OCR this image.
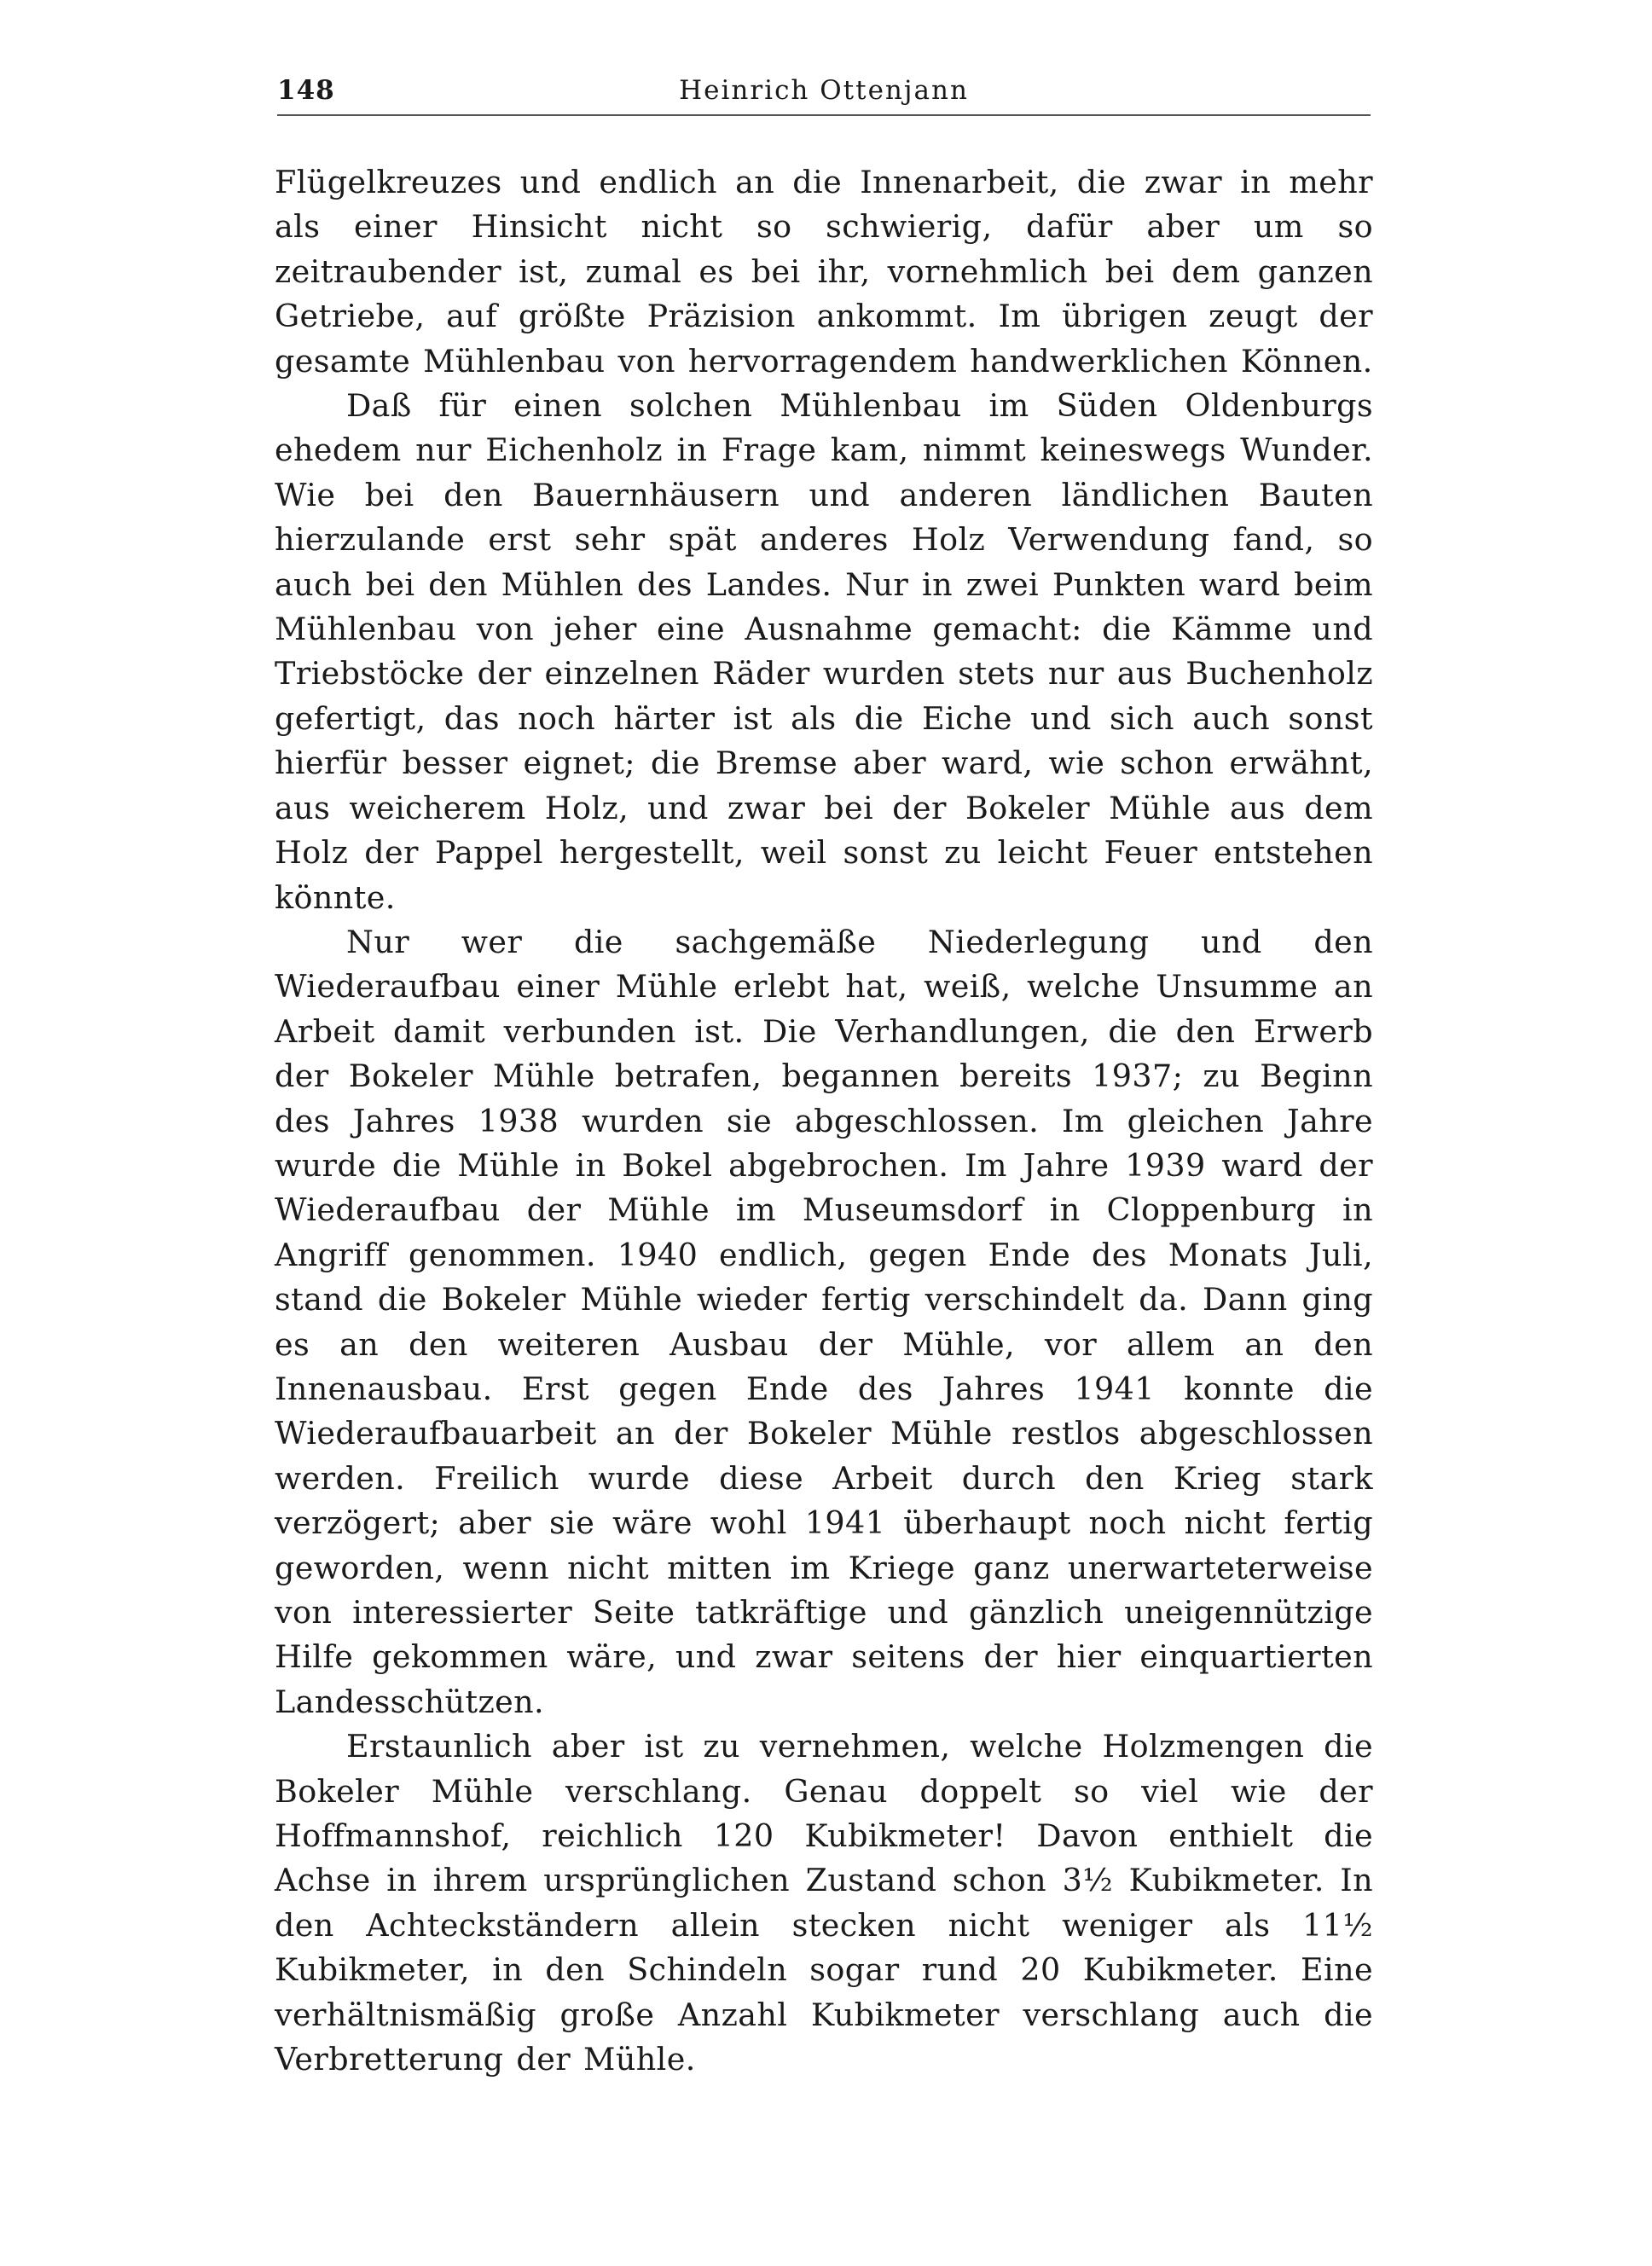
148	Heinrich Ottenjann

Flügelkreuzes und endlich an die Innenarbeit, die zwar in mehr als einer Hinsicht nicht so schwierig, dafür aber um so zeitraubender ist, zumal es bei ihr, vornehmlich bei dem ganzen Getriebe, auf größte Präzision ankommt. Im übrigen zeugt der gesamte Mühlenbau von hervorragendem handwerklichen Können.

Daß für einen solchen Mühlenbau im Süden Oldenburgs ehedem nur Eichenholz in Frage kam, nimmt keineswegs Wunder. Wie bei den Bauernhäusern und anderen ländlichen Bauten hierzulande erst sehr spät anderes Holz Verwendung fand, so auch bei den Mühlen des Landes. Nur in zwei Punkten ward beim Mühlenbau von jeher eine Ausnahme gemacht: die Kämme und Triebstöcke der einzelnen Räder wurden stets nur aus Buchenholz gefertigt, das noch härter ist als die Eiche und sich auch sonst hierfür besser eignet; die Bremse aber ward, wie schon erwähnt, aus weicherem Holz, und zwar bei der Bokeler Mühle aus dem Holz der Pappel hergestellt, weil sonst zu leicht Feuer entstehen könnte.

Nur wer die sachgemäße Niederlegung und den Wiederaufbau einer Mühle erlebt hat, weiß, welche Unsumme an Arbeit damit verbunden ist. Die Verhandlungen, die den Erwerb der Bokeler Mühle betrafen, begannen bereits 1937; zu Beginn des Jahres 1938 wurden sie abgeschlossen. Im gleichen Jahre wurde die Mühle in Bokel abgebrochen. Im Jahre 1939 ward der Wiederaufbau der Mühle im Museumsdorf in Cloppenburg in Angriff genommen. 1940 endlich, gegen Ende des Monats Juli, stand die Bokeler Mühle wieder fertig verschindelt da. Dann ging es an den weiteren Ausbau der Mühle, vor allem an den Innenausbau. Erst gegen Ende des Jahres 1941 konnte die Wiederaufbauarbeit an der Bokeler Mühle restlos abgeschlossen werden. Freilich wurde diese Arbeit durch den Krieg stark verzögert; aber sie wäre wohl 1941 überhaupt noch nicht fertig geworden, wenn nicht mitten im Kriege ganz unerwarteterweise von interessierter Seite tatkräftige und gänzlich uneigennützige Hilfe gekommen wäre, und zwar seitens der hier einquartierten Landesschützen.

Erstaunlich aber ist zu vernehmen, welche Holzmengen die Bokeler Mühle verschlang. Genau doppelt so viel wie der Hoffmannshof, reichlich 120 Kubikmeter! Davon enthielt die Achse in ihrem ursprünglichen Zustand schon 3½ Kubikmeter. In den Achteckständern allein stecken nicht weniger als 11½ Kubikmeter, in den Schindeln sogar rund 20 Kubikmeter. Eine verhältnismäßig große Anzahl Kubikmeter verschlang auch die Verbretterung der Mühle.
